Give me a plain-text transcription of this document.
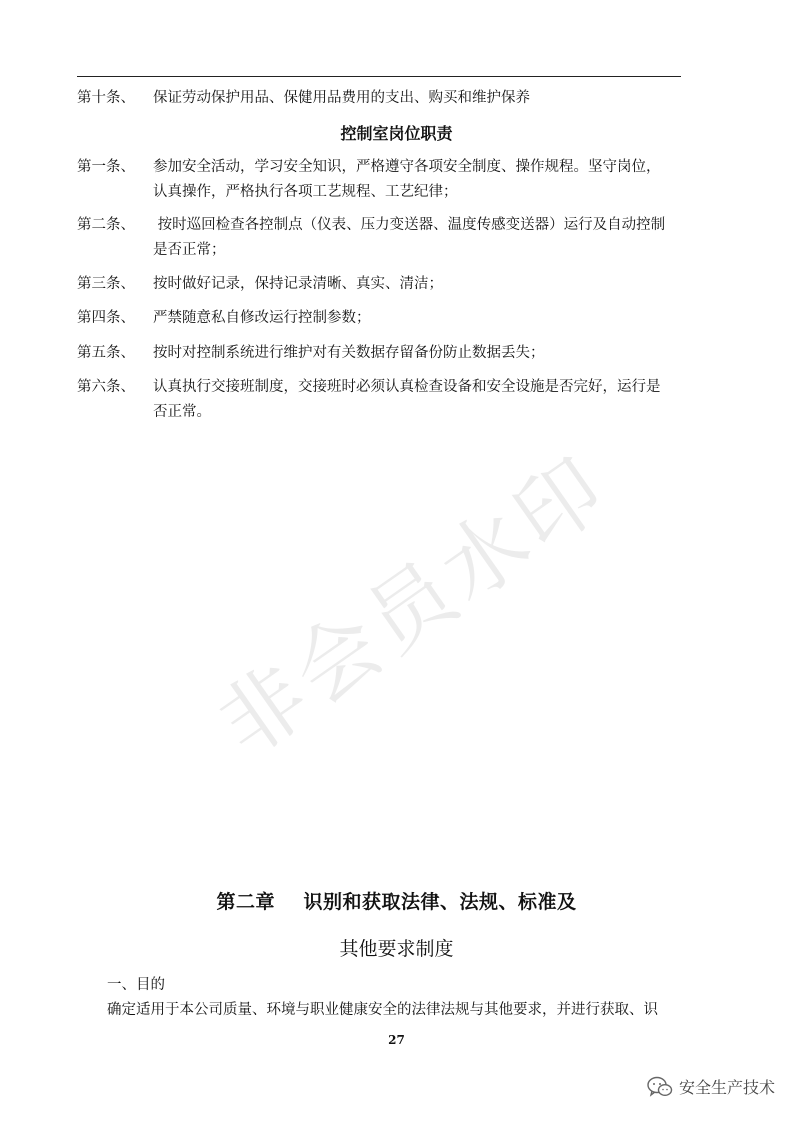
第十条、 保证劳动保护用品、保健用品费用的支出、购买和维护保养
控制室岗位职责
第一条、 参加安全活动，学习安全知识，严格遵守各项安全制度、操作规程。坚守岗位，
认真操作，严格执行各项工艺规程、工艺纪律；
第二条、 按时巡回检查各控制点（仪表、压力变送器、温度传感变送器）运行及自动控制
是否正常；
第三条、 按时做好记录，保持记录清晰、真实、清洁；
第四条、 严禁随意私自修改运行控制参数；
第五条、 按时对控制系统进行维护对有关数据存留备份防止数据丢失；
第六条、 认真执行交接班制度，交接班时必须认真检查设备和安全设施是否完好，运行是
否正常。
非会员水印
第二章    识别和获取法律、法规、标准及
其他要求制度
一、目的
确定适用于本公司质量、环境与职业健康安全的法律法规与其他要求，并进行获取、识
27
安全生产技术
